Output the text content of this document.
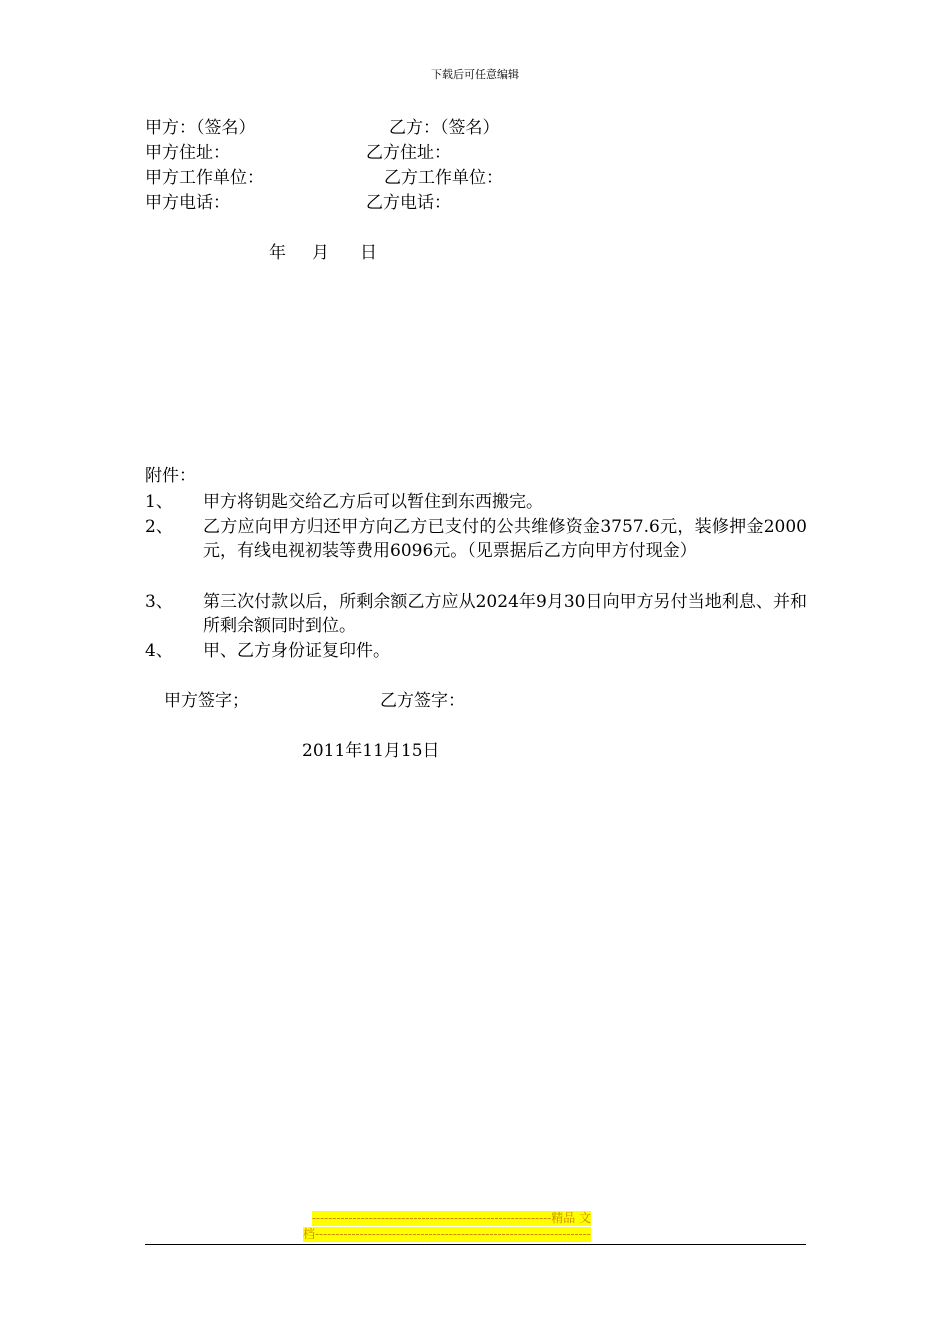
下载后可任意编辑
甲方：（签名）	乙方：（签名）
甲方住址：	乙方住址：
甲方工作单位：	乙方工作单位：
甲方电话：	乙方电话：
年 月 日
附件：
1、 甲方将钥匙交给乙方后可以暂住到东西搬完。
2、 乙方应向甲方归还甲方向乙方已支付的公共维修资金3757.6元，装修押金2000元，有线电视初装等费用6096元。（见票据后乙方向甲方付现金）
3、 第三次付款以后，所剩余额乙方应从2024年9月30日向甲方另付当地利息、并和所剩余额同时到位。
4、 甲、乙方身份证复印件。
甲方签字；	乙方签字：
2011年11月15日
-----------------------------------------------------------精品 文
档--------------------------------------------------------------------
